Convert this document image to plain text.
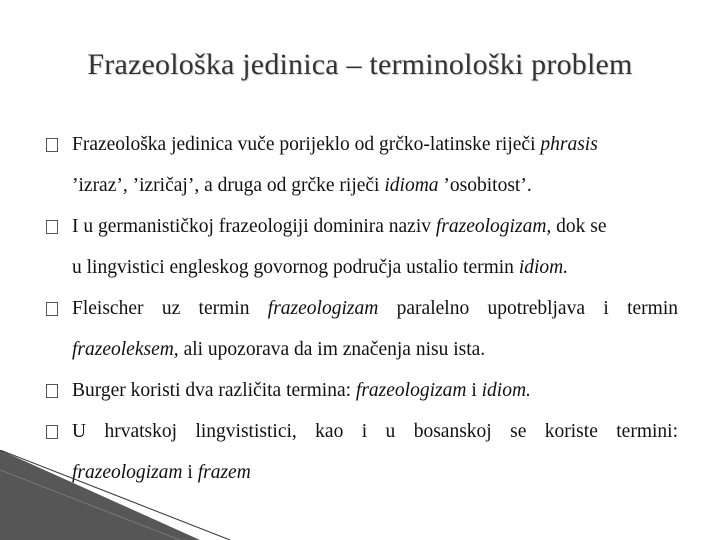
Frazeološka jedinica – terminološki problem
Frazeološka jedinica vuče porijeklo od grčko-latinske riječi phrasis
’izraz’, ’izričaj’, a druga od grčke riječi idioma ’osobitost’.
I u germanističkoj frazeologiji dominira naziv frazeologizam, dok se
u lingvistici engleskog govornog područja ustalio termin idiom.
Fleischer uz termin frazeologizam paralelno upotrebljava i termin
frazeoleksem, ali upozorava da im značenja nisu ista.
Burger koristi dva različita termina: frazeologizam i idiom.
U hrvatskoj lingvististici, kao i u bosanskoj se koriste termini:
frazeologizam i frazem
